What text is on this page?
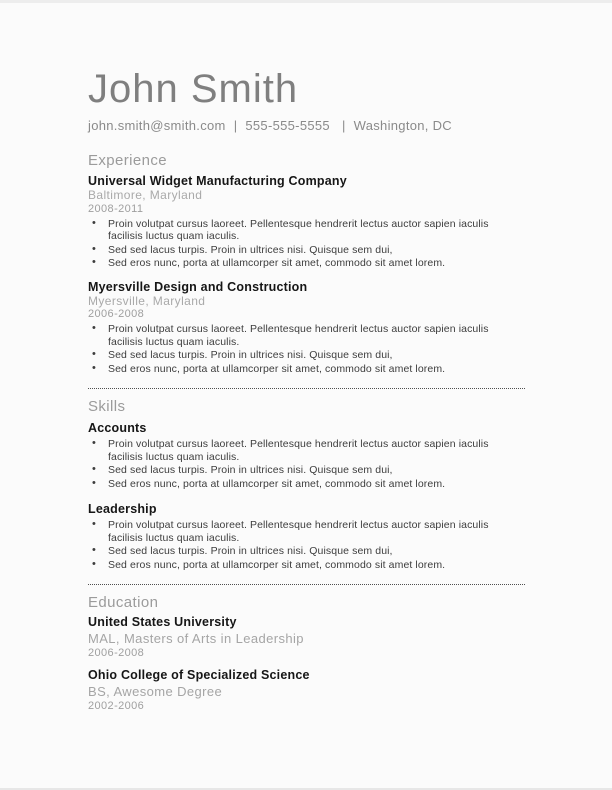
John Smith
john.smith@smith.com | 555-555-5555 | Washington, DC
Experience
Universal Widget Manufacturing Company
Baltimore, Maryland
2008-2011
• Proin volutpat cursus laoreet. Pellentesque hendrerit lectus auctor sapien iaculis facilisis luctus quam iaculis.
• Sed sed lacus turpis. Proin in ultrices nisi. Quisque sem dui,
• Sed eros nunc, porta at ullamcorper sit amet, commodo sit amet lorem.
Myersville Design and Construction
Myersville, Maryland
2006-2008
• Proin volutpat cursus laoreet. Pellentesque hendrerit lectus auctor sapien iaculis facilisis luctus quam iaculis.
• Sed sed lacus turpis. Proin in ultrices nisi. Quisque sem dui,
• Sed eros nunc, porta at ullamcorper sit amet, commodo sit amet lorem.
Skills
Accounts
• Proin volutpat cursus laoreet. Pellentesque hendrerit lectus auctor sapien iaculis facilisis luctus quam iaculis.
• Sed sed lacus turpis. Proin in ultrices nisi. Quisque sem dui,
• Sed eros nunc, porta at ullamcorper sit amet, commodo sit amet lorem.
Leadership
• Proin volutpat cursus laoreet. Pellentesque hendrerit lectus auctor sapien iaculis facilisis luctus quam iaculis.
• Sed sed lacus turpis. Proin in ultrices nisi. Quisque sem dui,
• Sed eros nunc, porta at ullamcorper sit amet, commodo sit amet lorem.
Education
United States University
MAL, Masters of Arts in Leadership
2006-2008
Ohio College of Specialized Science
BS, Awesome Degree
2002-2006
